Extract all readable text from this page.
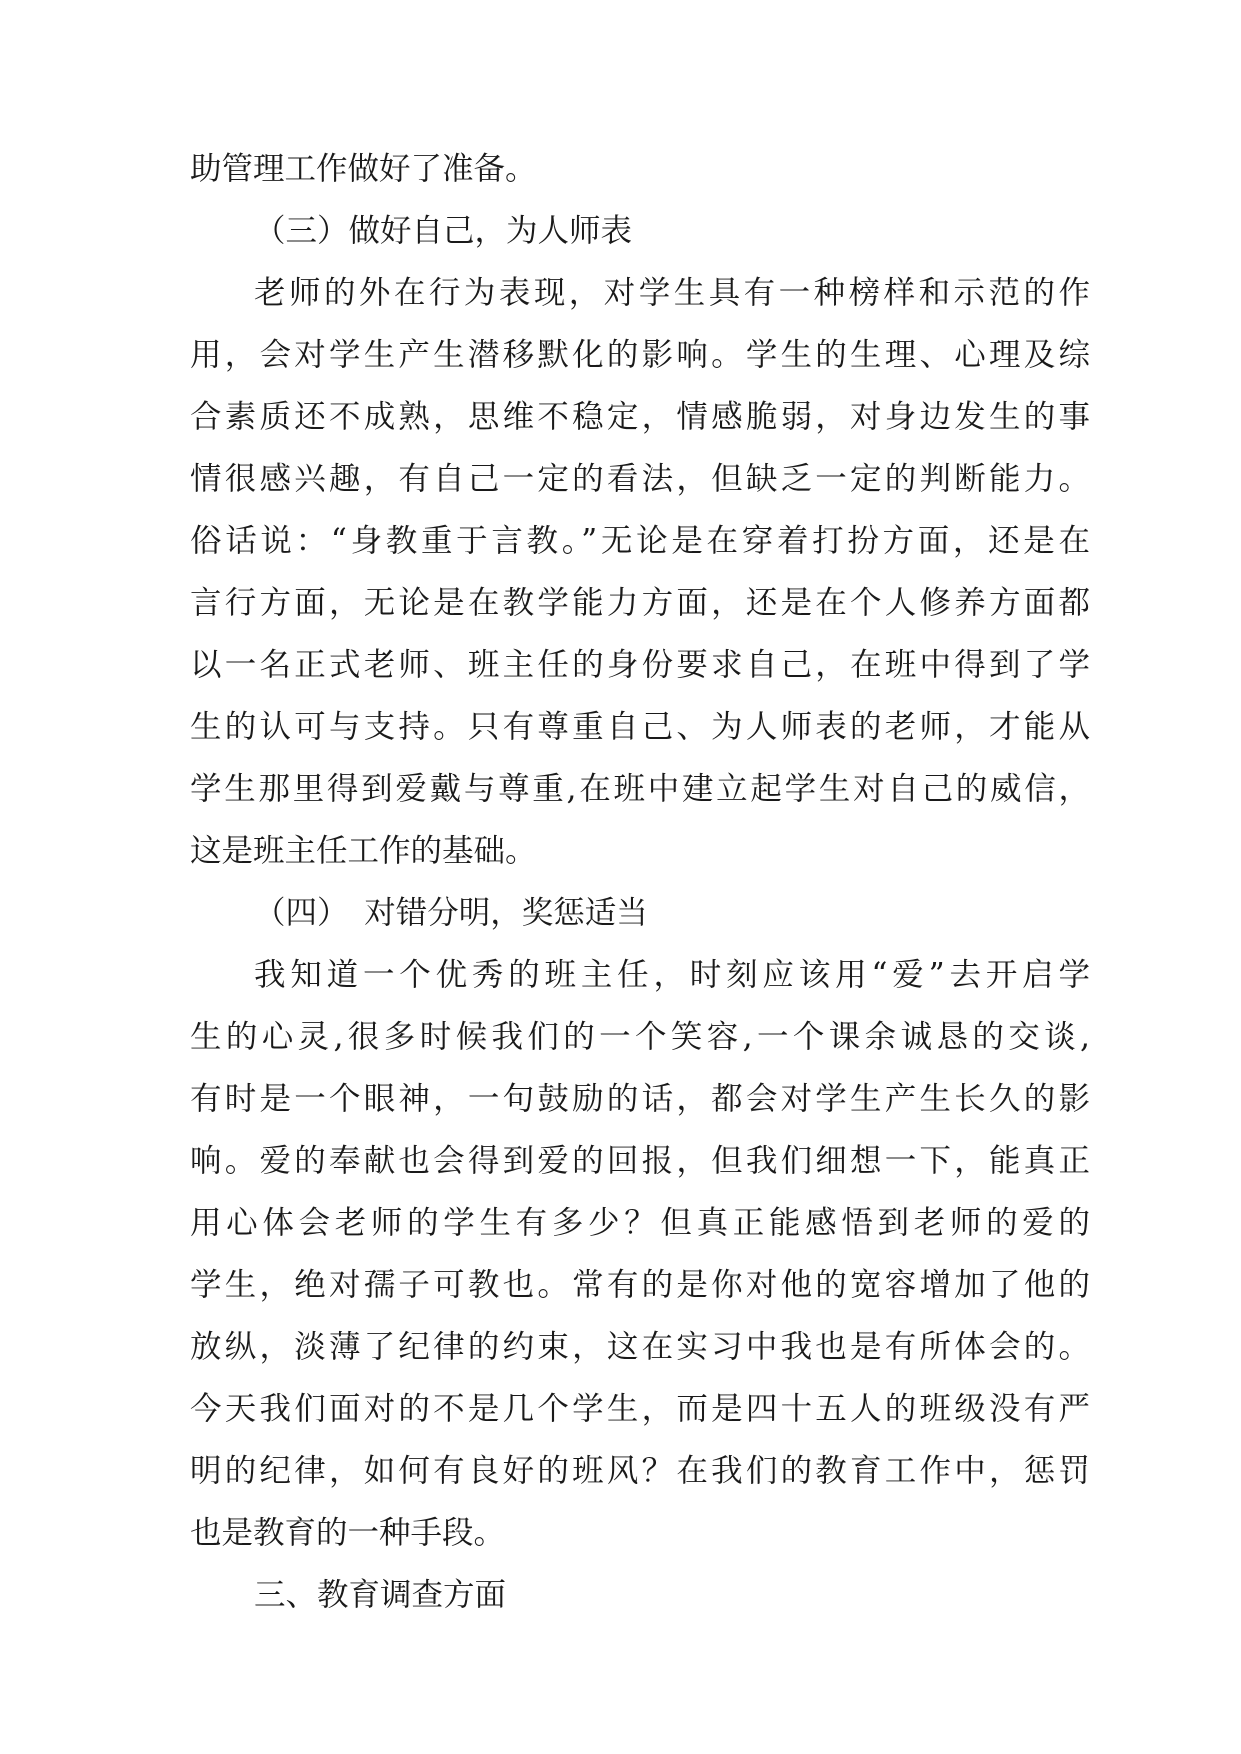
助管理工作做好了准备。
（三）做好自己，为人师表
老师的外在行为表现，对学生具有一种榜样和示范的作
用，会对学生产生潜移默化的影响。学生的生理、心理及综
合素质还不成熟，思维不稳定，情感脆弱，对身边发生的事
情很感兴趣，有自己一定的看法，但缺乏一定的判断能力。
俗话说：“身教重于言教。”无论是在穿着打扮方面，还是在
言行方面，无论是在教学能力方面，还是在个人修养方面都
以一名正式老师、班主任的身份要求自己，在班中得到了学
生的认可与支持。只有尊重自己、为人师表的老师，才能从
学生那里得到爱戴与尊重,在班中建立起学生对自己的威信，
这是班主任工作的基础。
（四）　对错分明，奖惩适当
我知道一个优秀的班主任，时刻应该用“爱”去开启学
生的心灵,很多时候我们的一个笑容,一个课余诚恳的交谈,
有时是一个眼神，一句鼓励的话，都会对学生产生长久的影
响。爱的奉献也会得到爱的回报，但我们细想一下，能真正
用心体会老师的学生有多少？但真正能感悟到老师的爱的
学生，绝对孺子可教也。常有的是你对他的宽容增加了他的
放纵，淡薄了纪律的约束，这在实习中我也是有所体会的。
今天我们面对的不是几个学生，而是四十五人的班级没有严
明的纪律，如何有良好的班风？在我们的教育工作中，惩罚
也是教育的一种手段。
三、教育调查方面
